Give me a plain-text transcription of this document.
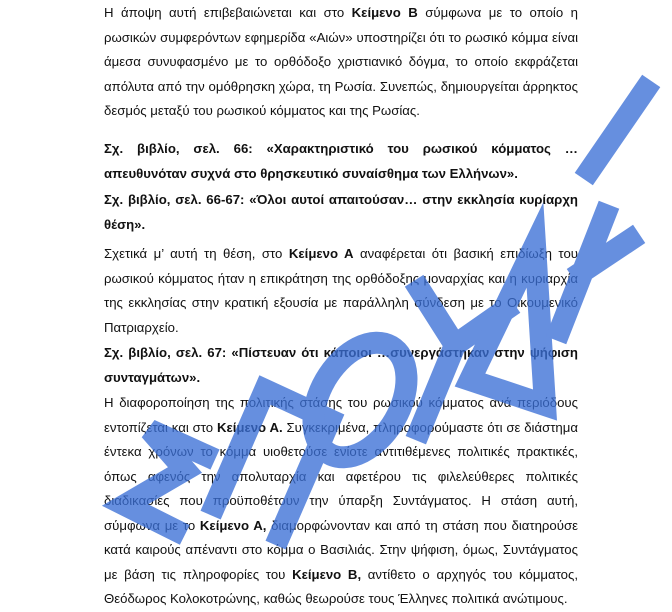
Η άποψη αυτή επιβεβαιώνεται και στο Κείμενο Β σύμφωνα με το οποίο η ρωσικών συμφερόντων εφημερίδα «Αιών» υποστηρίζει ότι το ρωσικό κόμμα είναι άμεσα συνυφασμένο με το ορθόδοξο χριστιανικό δόγμα, το οποίο εκφράζεται απόλυτα από την ομόθρησκη χώρα, τη Ρωσία. Συνεπώς, δημιουργείται άρρηκτος δεσμός μεταξύ του ρωσικού κόμματος και της Ρωσίας.

Σχ. βιβλίο, σελ. 66: «Χαρακτηριστικό του ρωσικού κόμματος … απευθυνόταν συχνά στο θρησκευτικό συναίσθημα των Ελλήνων».

Σχ. βιβλίο, σελ. 66-67: «Όλοι αυτοί απαιτούσαν… στην εκκλησία κυρίαρχη θέση».

Σχετικά μ’ αυτή τη θέση, στο Κείμενο Α αναφέρεται ότι βασική επιδίωξη του ρωσικού κόμματος ήταν η επικράτηση της ορθόδοξης μοναρχίας και η κυριαρχία της εκκλησίας στην κρατική εξουσία με παράλληλη σύνδεση με το Οικουμενικό Πατριαρχείο.

Σχ. βιβλίο, σελ. 67: «Πίστευαν ότι κάποιοι …συνεργάστηκαν στην ψήφιση συνταγμάτων».

Η διαφοροποίηση της πολιτικής στάσης του ρωσικού κόμματος ανά περιόδους εντοπίζεται και στο Κείμενο Α. Συγκεκριμένα, πληροφορούμαστε ότι σε διάστημα έντεκα χρόνων το κόμμα υιοθετούσε ενίοτε αντιτιθέμενες πολιτικές πρακτικές, όπως αφενός την απολυταρχία και αφετέρου τις φιλελεύθερες πολιτικές διαδικασίες που προϋποθέτουν την ύπαρξη Συντάγματος. Η στάση αυτή, σύμφωνα με το Κείμενο Α, διαμορφώνονταν και από τη στάση που διατηρούσε κατά καιρούς απέναντι στο κόμμα ο Βασιλιάς. Στην ψήφιση, όμως, Συντάγματος με βάση τις πληροφορίες του Κείμενο Β, αντίθετο ο αρχηγός του κόμματος, Θεόδωρος Κολοκοτρώνης, καθώς θεωρούσε τους Έλληνες πολιτικά ανώτιμους.
